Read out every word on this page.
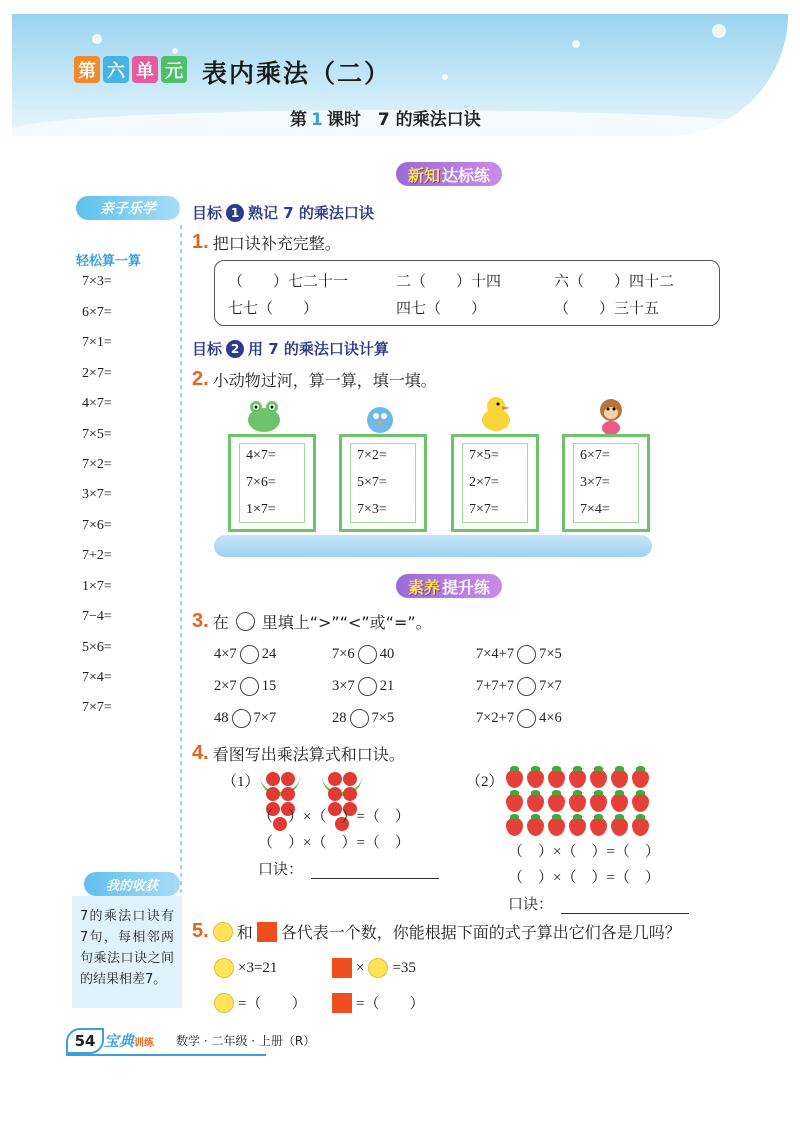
第 六 单 元 表内乘法（二）
第 1 课时　7 的乘法口诀
新知 达标练
亲子乐学
轻松算一算
7×3=
6×7=
7×1=
2×7=
4×7=
7×5=
7×2=
3×7=
7×6=
7+2=
1×7=
7−4=
5×6=
7×4=
7×7=
我的收获
7的乘法口诀有7句，每相邻两句乘法口诀之间的结果相差7。
目标 1 熟记 7 的乘法口诀
1. 把口诀补充完整。
（　　）七二十一	二（　　）十四	六（　　）四十二
七七（　　）	四七（　　）	（　　）三十五
目标 2 用 7 的乘法口诀计算
2. 小动物过河，算一算，填一填。
4×7=
7×6=
1×7=
7×2=
5×7=
7×3=
7×5=
2×7=
7×7=
6×7=
3×7=
7×4=
素养 提升练
3. 在 里填上“>”“<”或“=”。
4×7 24	7×6 40	7×4+7 7×5
2×7 15	3×7 21	7+7+7 7×7
48 7×7	28 7×5	7×2+7 4×6
4. 看图写出乘法算式和口诀。
（1）
（　）×（　）=（　）
（　）×（　）=（　）
口诀：
（2）
（　）×（　）=（　）
（　）×（　）=（　）
口诀：
5. 和 各代表一个数，你能根据下面的式子算出它们各是几吗？
×3=21	× =35
=（　　）	=（　　）
54 宝典训练 数学 · 二年级 · 上册（R）
